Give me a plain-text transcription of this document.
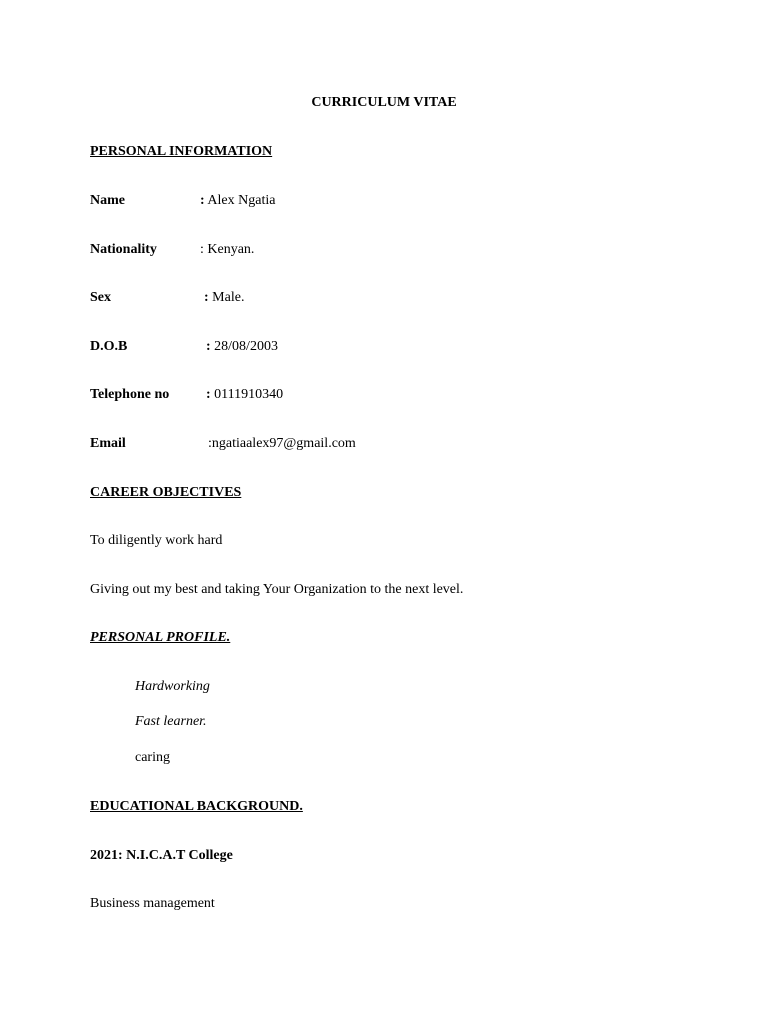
CURRICULUM VITAE
PERSONAL INFORMATION
Name	: Alex Ngatia
Nationality	: Kenyan.
Sex	: Male.
D.O.B	: 28/08/2003
Telephone no	: 0111910340
Email	:ngatiaalex97@gmail.com
CAREER OBJECTIVES
To diligently work hard
Giving out my best and taking Your Organization to the next level.
PERSONAL PROFILE.
Hardworking
Fast learner.
caring
EDUCATIONAL BACKGROUND.
2021: N.I.C.A.T College
Business management
